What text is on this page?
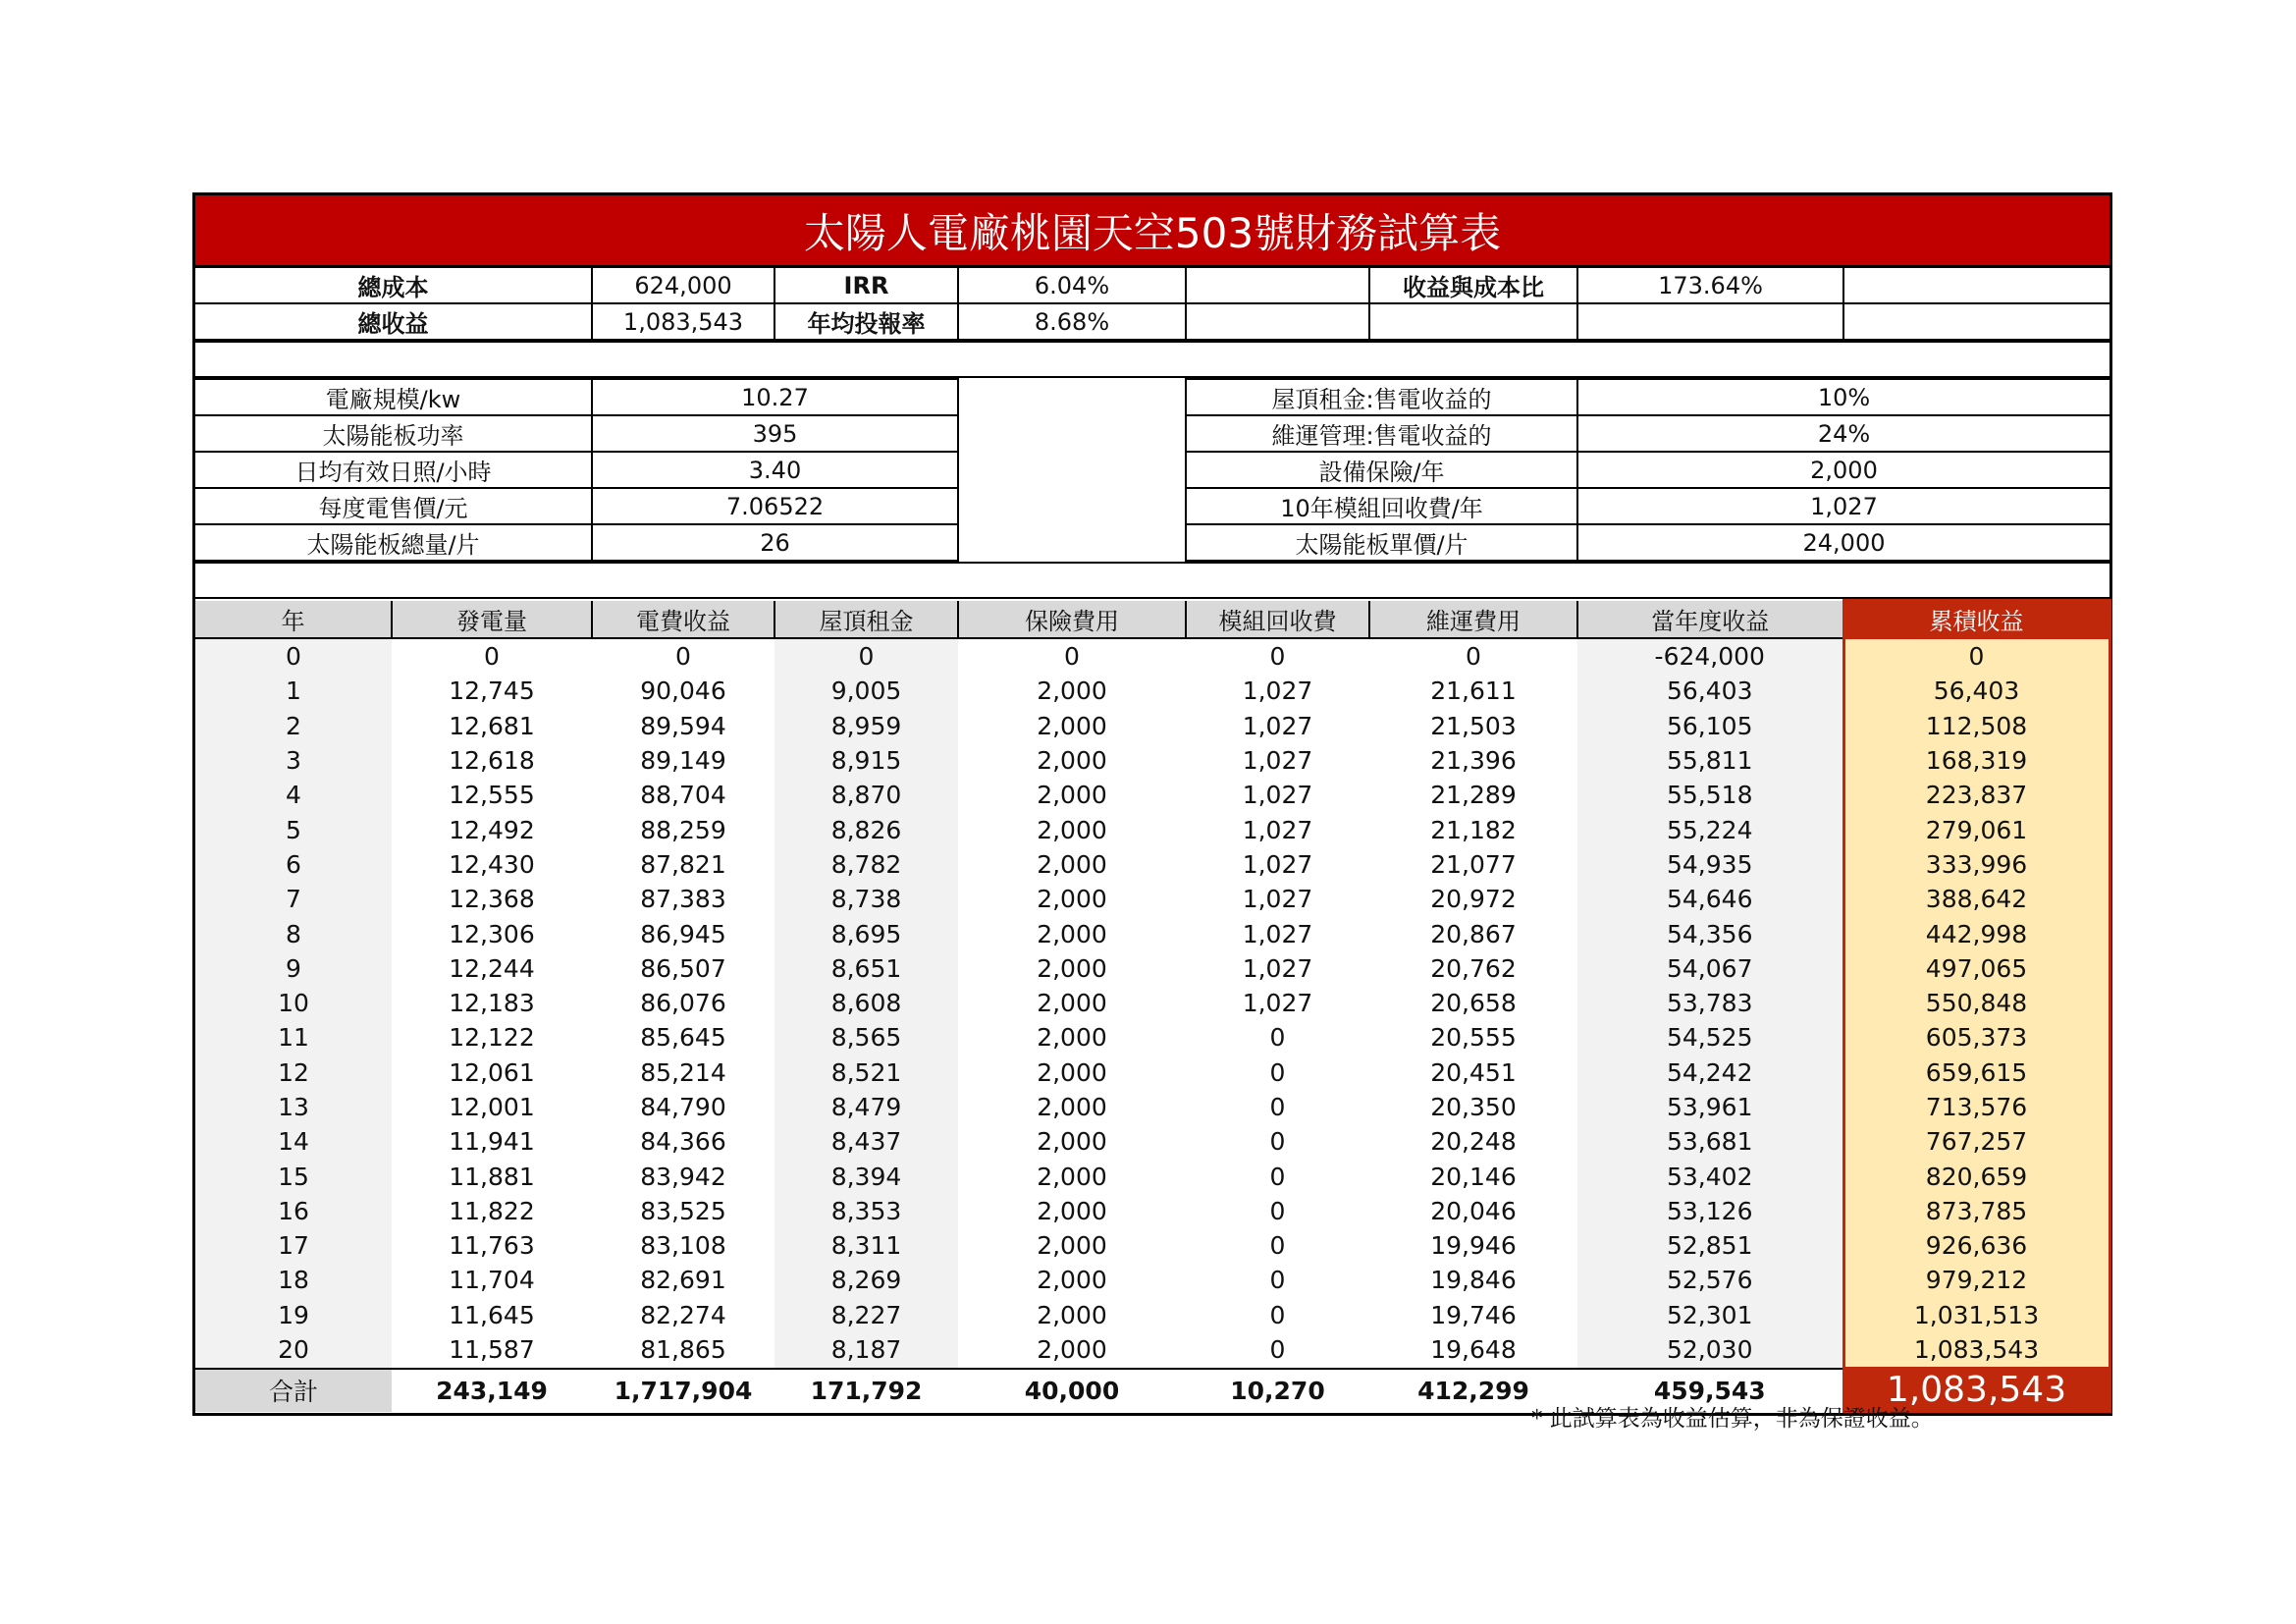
太陽人電廠桃園天空503號財務試算表
總成本	624,000	IRR	6.04%		收益與成本比	173.64%	
總收益	1,083,543	年均投報率	8.68%				
電廠規模/kw	10.27		屋頂租金:售電收益的	10%
太陽能板功率	395		維運管理:售電收益的	24%
日均有效日照/小時	3.40		設備保險/年	2,000
每度電售價/元	7.06522		10年模組回收費/年	1,027
太陽能板總量/片	26		太陽能板單價/片	24,000
年	發電量	電費收益	屋頂租金	保險費用	模組回收費	維運費用	當年度收益	累積收益
0	0	0	0	0	0	0	-624,000	0
1	12,745	90,046	9,005	2,000	1,027	21,611	56,403	56,403
2	12,681	89,594	8,959	2,000	1,027	21,503	56,105	112,508
3	12,618	89,149	8,915	2,000	1,027	21,396	55,811	168,319
4	12,555	88,704	8,870	2,000	1,027	21,289	55,518	223,837
5	12,492	88,259	8,826	2,000	1,027	21,182	55,224	279,061
6	12,430	87,821	8,782	2,000	1,027	21,077	54,935	333,996
7	12,368	87,383	8,738	2,000	1,027	20,972	54,646	388,642
8	12,306	86,945	8,695	2,000	1,027	20,867	54,356	442,998
9	12,244	86,507	8,651	2,000	1,027	20,762	54,067	497,065
10	12,183	86,076	8,608	2,000	1,027	20,658	53,783	550,848
11	12,122	85,645	8,565	2,000	0	20,555	54,525	605,373
12	12,061	85,214	8,521	2,000	0	20,451	54,242	659,615
13	12,001	84,790	8,479	2,000	0	20,350	53,961	713,576
14	11,941	84,366	8,437	2,000	0	20,248	53,681	767,257
15	11,881	83,942	8,394	2,000	0	20,146	53,402	820,659
16	11,822	83,525	8,353	2,000	0	20,046	53,126	873,785
17	11,763	83,108	8,311	2,000	0	19,946	52,851	926,636
18	11,704	82,691	8,269	2,000	0	19,846	52,576	979,212
19	11,645	82,274	8,227	2,000	0	19,746	52,301	1,031,513
20	11,587	81,865	8,187	2,000	0	19,648	52,030	1,083,543
合計	243,149	1,717,904	171,792	40,000	10,270	412,299	459,543	1,083,543
* 此試算表為收益估算，非為保證收益。
